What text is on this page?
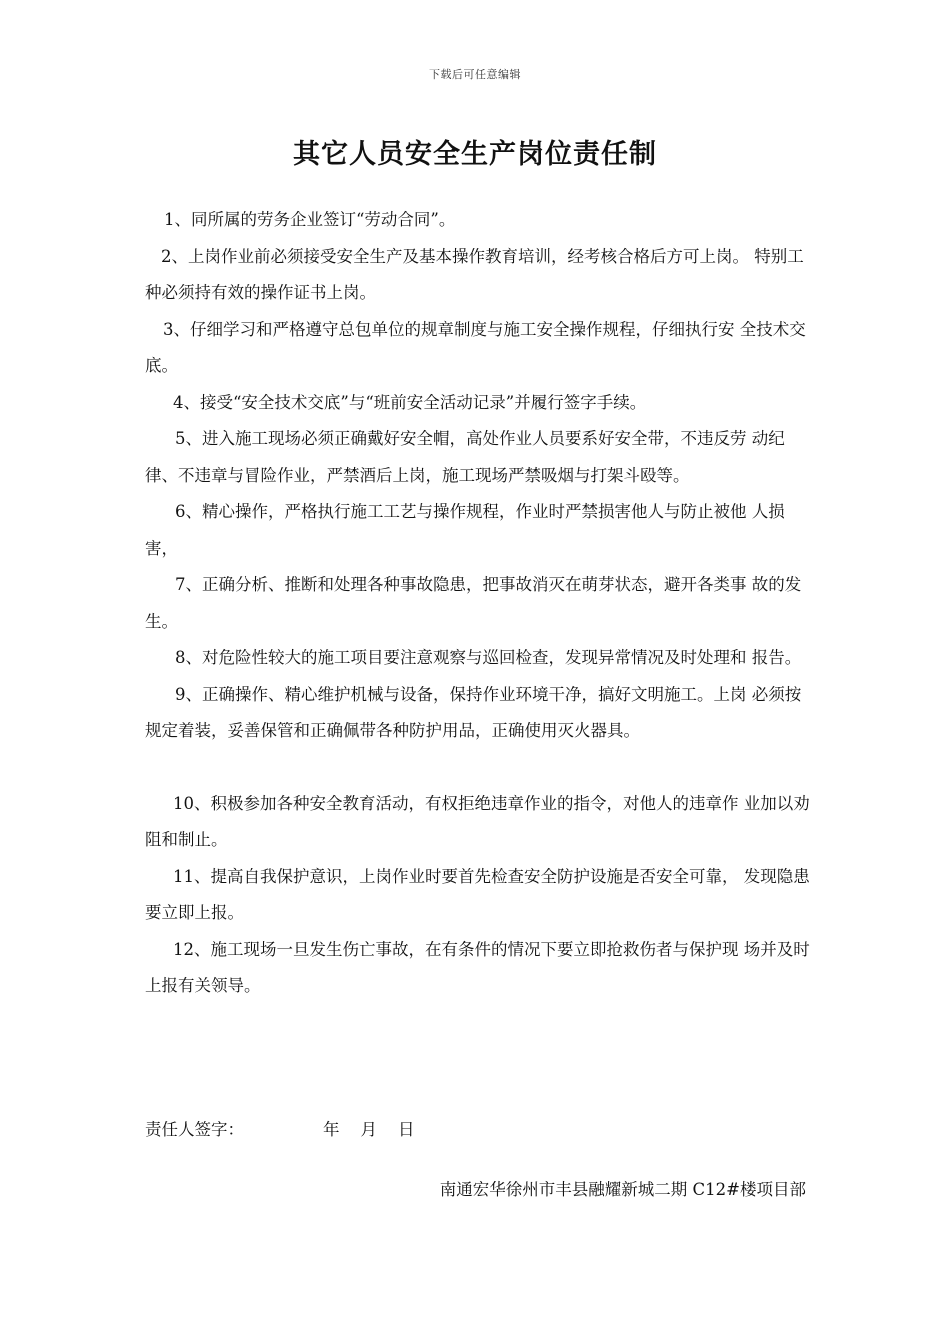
下载后可任意编辑
其它人员安全生产岗位责任制

1、同所属的劳务企业签订“劳动合同”。

2、上岗作业前必须接受安全生产及基本操作教育培训，经考核合格后方可上岗。 特别工种必须持有效的操作证书上岗。

3、仔细学习和严格遵守总包单位的规章制度与施工安全操作规程，仔细执行安 全技术交底。

4、接受“安全技术交底”与“班前安全活动记录”并履行签字手续。

5、进入施工现场必须正确戴好安全帽，高处作业人员要系好安全带，不违反劳 动纪律、不违章与冒险作业，严禁酒后上岗，施工现场严禁吸烟与打架斗殴等。

6、精心操作，严格执行施工工艺与操作规程，作业时严禁损害他人与防止被他 人损害，

7、正确分析、推断和处理各种事故隐患，把事故消灭在萌芽状态，避开各类事 故的发生。

8、对危险性较大的施工项目要注意观察与巡回检查，发现异常情况及时处理和 报告。

9、正确操作、精心维护机械与设备，保持作业环境干净，搞好文明施工。上岗 必须按规定着装，妥善保管和正确佩带各种防护用品，正确使用灭火器具。

10、积极参加各种安全教育活动，有权拒绝违章作业的指令，对他人的违章作 业加以劝阻和制止。

11、提高自我保护意识，上岗作业时要首先检查安全防护设施是否安全可靠， 发现隐患要立即上报。

12、施工现场一旦发生伤亡事故，在有条件的情况下要立即抢救伤者与保护现 场并及时上报有关领导。

责任人签字：	年    月    日
南通宏华徐州市丰县融耀新城二期 C12#楼项目部
